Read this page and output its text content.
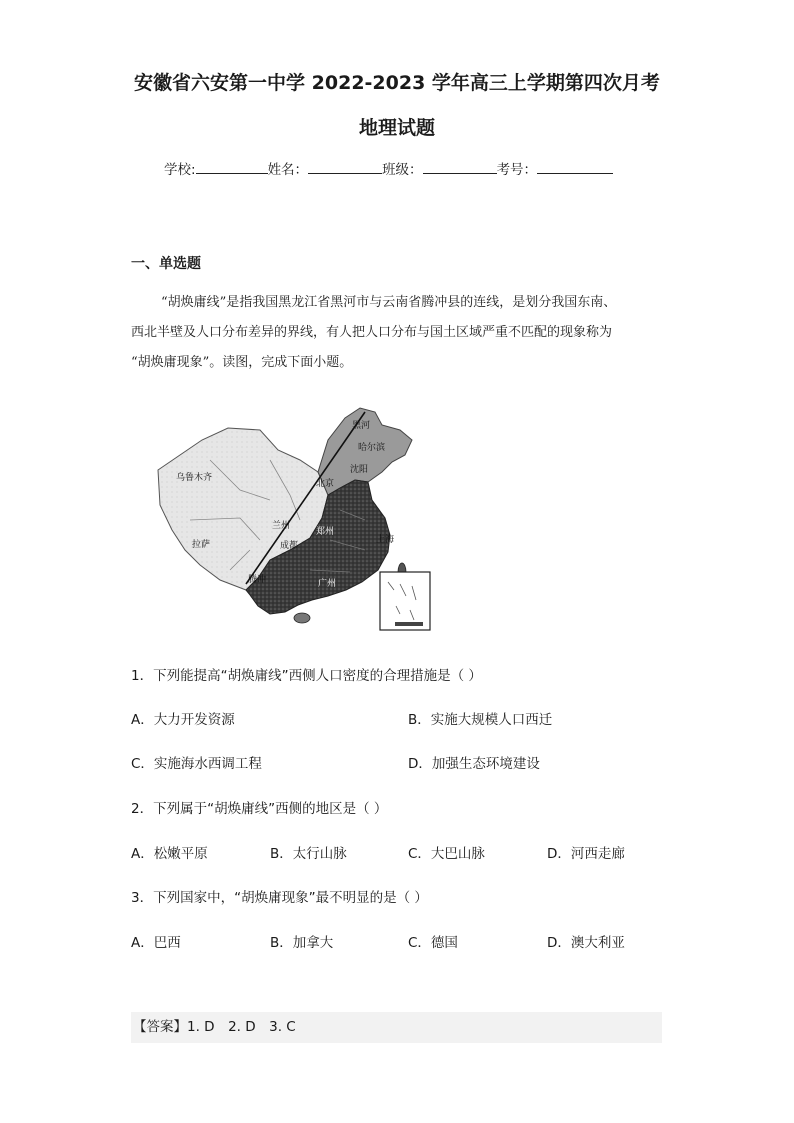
安徽省六安第一中学 2022-2023 学年高三上学期第四次月考
地理试题
学校:	姓名：	班级：	考号：
一、单选题

“胡焕庸线”是指我国黑龙江省黑河市与云南省腾冲县的连线，是划分我国东南、

西北半壁及人口分布差异的界线，有人把人口分布与国土区域严重不匹配的现象称为

“胡焕庸现象”。读图，完成下面小题。

黑河
哈尔滨
沈阳
北京
乌鲁木齐
兰州
郑州
上海
拉萨	成都
腾冲	广州
1．下列能提高“胡焕庸线”西侧人口密度的合理措施是（ ）
A．大力开发资源	B．实施大规模人口西迁
C．实施海水西调工程	D．加强生态环境建设
2．下列属于“胡焕庸线”西侧的地区是（ ）
A．松嫩平原	B．太行山脉	C．大巴山脉	D．河西走廊
3．下列国家中，“胡焕庸现象”最不明显的是（ ）
A．巴西	B．加拿大	C．德国	D．澳大利亚
【答案】1. D　2. D　3. C
